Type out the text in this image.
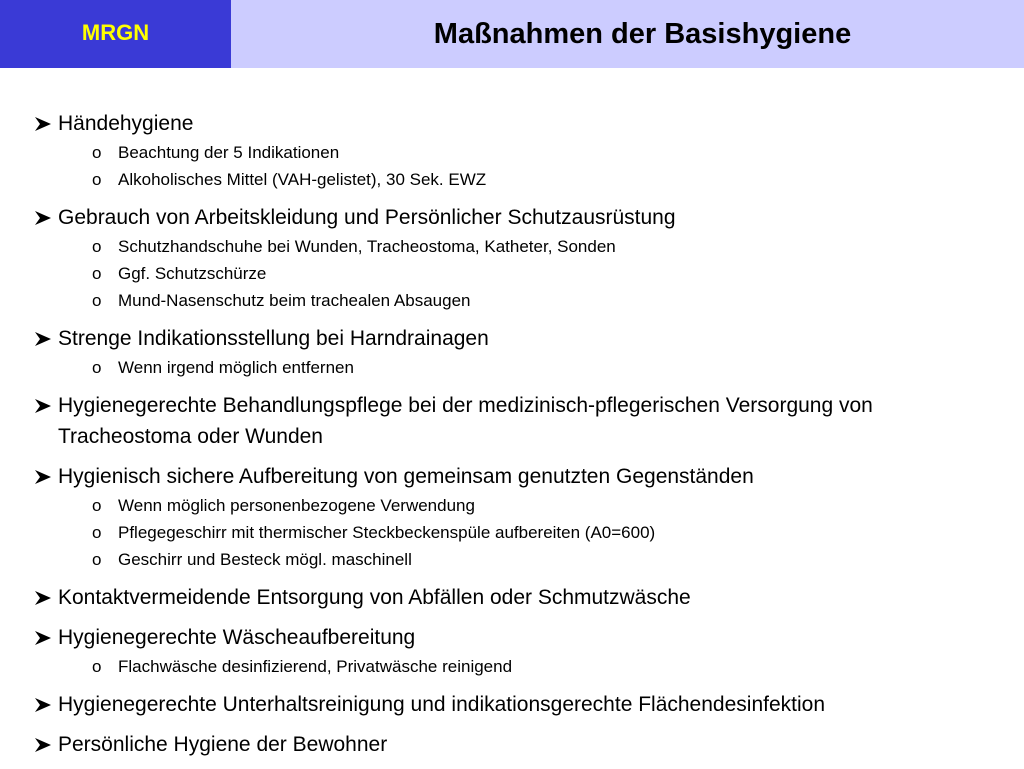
MRGN	Maßnahmen der Basishygiene
Händehygiene
o Beachtung der 5 Indikationen
o Alkoholisches Mittel (VAH-gelistet), 30 Sek. EWZ
Gebrauch von Arbeitskleidung und Persönlicher Schutzausrüstung
o Schutzhandschuhe bei Wunden, Tracheostoma, Katheter, Sonden
o Ggf. Schutzschürze
o Mund-Nasenschutz beim trachealen Absaugen
Strenge Indikationsstellung bei Harndrainagen
o Wenn irgend möglich entfernen
Hygienegerechte Behandlungspflege bei der medizinisch-pflegerischen Versorgung von Tracheostoma oder Wunden
Hygienisch sichere Aufbereitung von gemeinsam genutzten Gegenständen
o Wenn möglich personenbezogene Verwendung
o Pflegegeschirr mit thermischer Steckbeckenspüle aufbereiten (A0=600)
o Geschirr und Besteck mögl. maschinell
Kontaktvermeidende Entsorgung von Abfällen oder Schmutzwäsche
Hygienegerechte Wäscheaufbereitung
o Flachwäsche desinfizierend, Privatwäsche reinigend
Hygienegerechte Unterhaltsreinigung und indikationsgerechte Flächendesinfektion
Persönliche Hygiene der Bewohner
